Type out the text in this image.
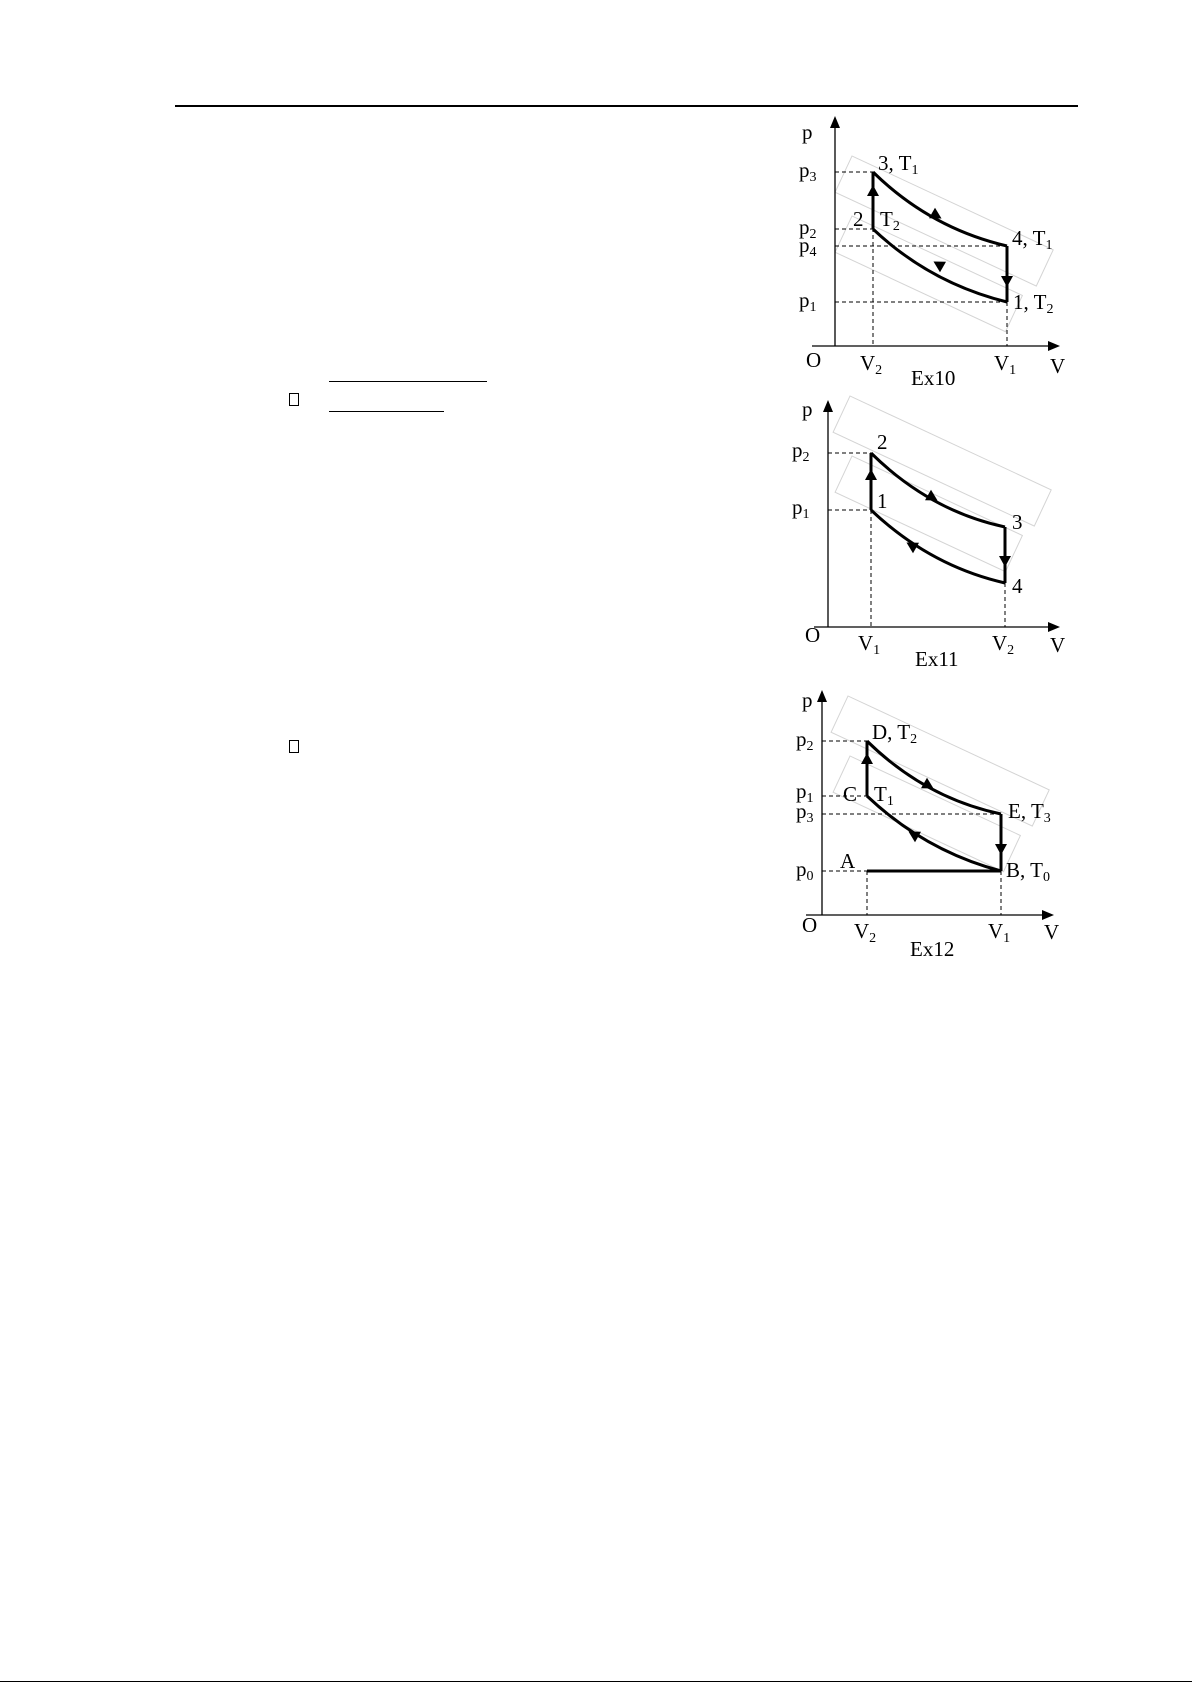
p
V
O
p3
p2
p4
p1
V2	V1
3, T1
2 T2	4, T1
1, T2
Ex10
p
V
O
p2
p1
V1	V2
2
1
3
4
Ex11
p
V
O
p2
p1
p3
p0
V2	V1
D, T2
C T1	E, T3
A	B, T0
Ex12
